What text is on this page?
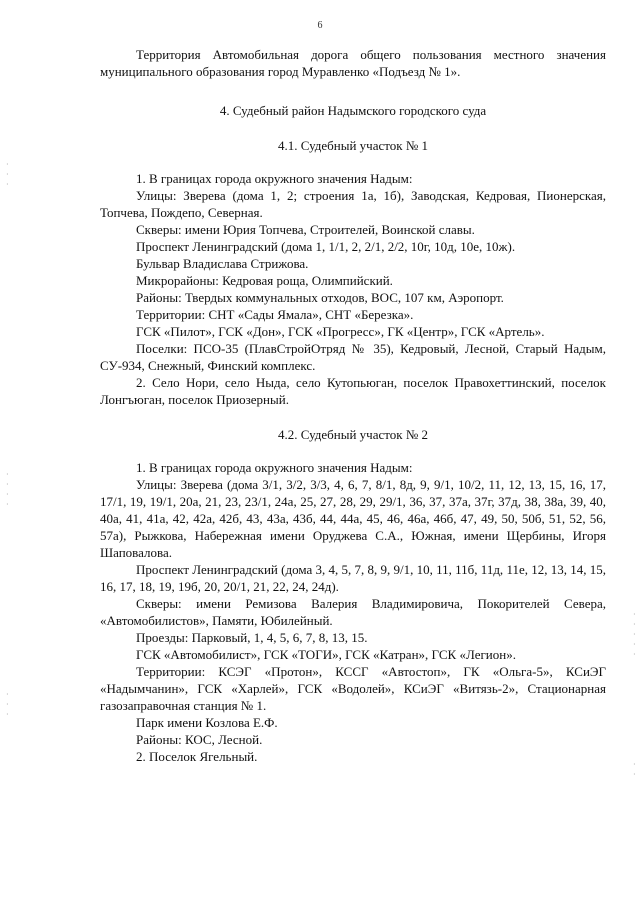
6
·
·
·
·
·
·
·
·
·
·
·
·
·
·
·
·
·

Территория Автомобильная дорога общего пользования местного значения муниципального образования город Муравленко «Подъезд № 1».

4. Судебный район Надымского городского суда

4.1. Судебный участок № 1

1. В границах города окружного значения Надым:

Улицы: Зверева (дома 1, 2; строения 1а, 1б), Заводская, Кедровая, Пионерская, Топчева, Пождепо, Северная.

Скверы: имени Юрия Топчева, Строителей, Воинской славы.

Проспект Ленинградский (дома 1, 1/1, 2, 2/1, 2/2, 10г, 10д, 10е, 10ж).

Бульвар Владислава Стрижова.

Микрорайоны: Кедровая роща, Олимпийский.

Районы: Твердых коммунальных отходов, ВОС, 107 км, Аэропорт.

Территории: СНТ «Сады Ямала», СНТ «Березка».

ГСК «Пилот», ГСК «Дон», ГСК «Прогресс», ГК «Центр», ГСК «Артель».

Поселки: ПСО-35 (ПлавСтройОтряд № 35), Кедровый, Лесной, Старый Надым, СУ-934, Снежный, Финский комплекс.

2. Село Нори, село Ныда, село Кутопьюган, поселок Правохеттинский, поселок Лонгъюган, поселок Приозерный.

4.2. Судебный участок № 2

1. В границах города окружного значения Надым:

Улицы: Зверева (дома 3/1, 3/2, 3/3, 4, 6, 7, 8/1, 8д, 9, 9/1, 10/2, 11, 12, 13, 15, 16, 17, 17/1, 19, 19/1, 20а, 21, 23, 23/1, 24а, 25, 27, 28, 29, 29/1, 36, 37, 37а, 37г, 37д, 38, 38а, 39, 40, 40а, 41, 41а, 42, 42а, 42б, 43, 43а, 43б, 44, 44а, 45, 46, 46а, 46б, 47, 49, 50, 50б, 51, 52, 56, 57а), Рыжкова, Набережная имени Оруджева С.А., Южная, имени Щербины, Игоря Шаповалова.

Проспект Ленинградский (дома 3, 4, 5, 7, 8, 9, 9/1, 10, 11, 11б, 11д, 11е, 12, 13, 14, 15, 16, 17, 18, 19, 19б, 20, 20/1, 21, 22, 24, 24д).

Скверы: имени Ремизова Валерия Владимировича, Покорителей Севера, «Автомобилистов», Памяти, Юбилейный.

Проезды: Парковый, 1, 4, 5, 6, 7, 8, 13, 15.

ГСК «Автомобилист», ГСК «ТОГИ», ГСК «Катран», ГСК «Легион».

Территории: КСЭГ «Протон», КССГ «Автостоп», ГК «Ольга-5», КСиЭГ «Надымчанин», ГСК «Харлей», ГСК «Водолей», КСиЭГ «Витязь-2», Стационарная газозаправочная станция № 1.

Парк имени Козлова Е.Ф.

Районы: КОС, Лесной.

2. Поселок Ягельный.
